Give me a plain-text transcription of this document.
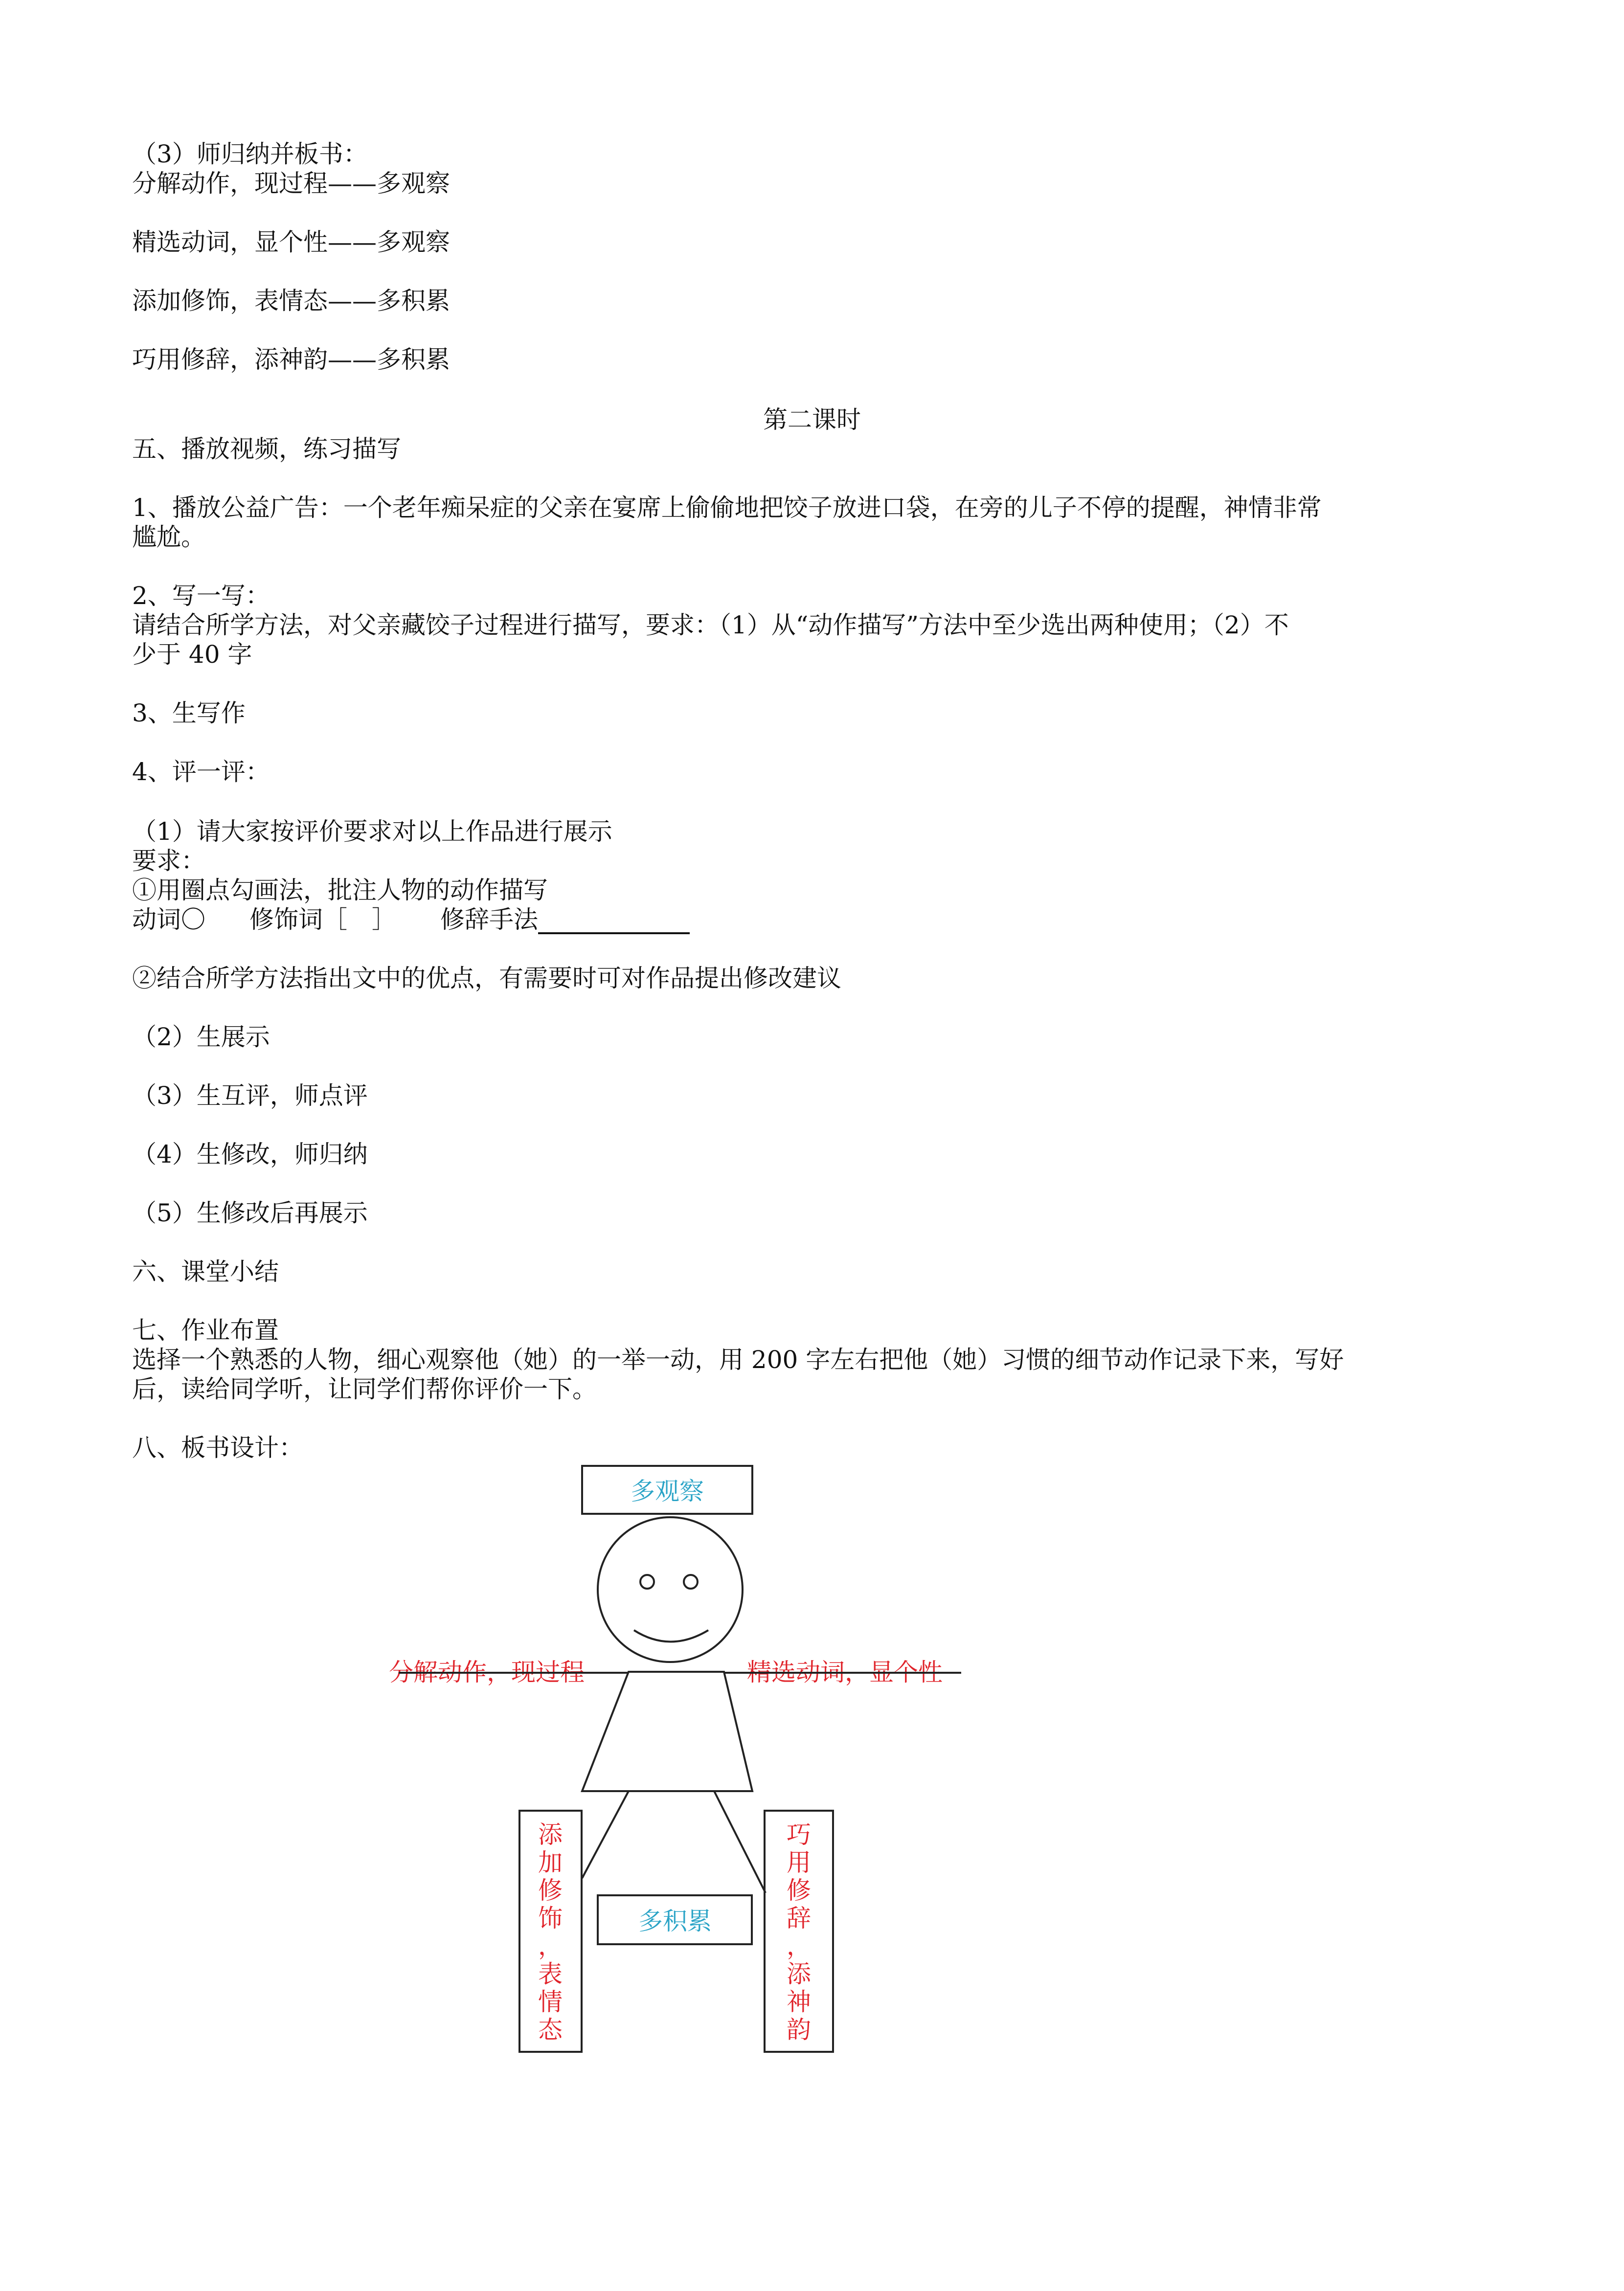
（3）师归纳并板书：

分解动作，现过程——多观察

精选动词，显个性——多观察

添加修饰，表情态——多积累

巧用修辞，添神韵——多积累

第二课时

五、播放视频，练习描写

1、播放公益广告：一个老年痴呆症的父亲在宴席上偷偷地把饺子放进口袋，在旁的儿子不停的提醒，神情非常

尴尬。

2、写一写：

请结合所学方法，对父亲藏饺子过程进行描写，要求：（1）从“动作描写”方法中至少选出两种使用；（2）不

少于 40 字

3、生写作

4、评一评：

（1）请大家按评价要求对以上作品进行展示

要求：

①用圈点勾画法，批注人物的动作描写

动词〇 修饰词［　］ 修辞手法

②结合所学方法指出文中的优点，有需要时可对作品提出修改建议

（2）生展示

（3）生互评，师点评

（4）生修改，师归纳

（5）生修改后再展示

六、课堂小结

七、作业布置

选择一个熟悉的人物，细心观察他（她）的一举一动，用 200 字左右把他（她）习惯的细节动作记录下来，写好

后，读给同学听，让同学们帮你评价一下。

八、板书设计：

多观察
多积累
分解动作，现过程	精选动词，显个性
添
加
修
饰
，
表
情
态
巧
用
修
辞
，
添
神
韵
